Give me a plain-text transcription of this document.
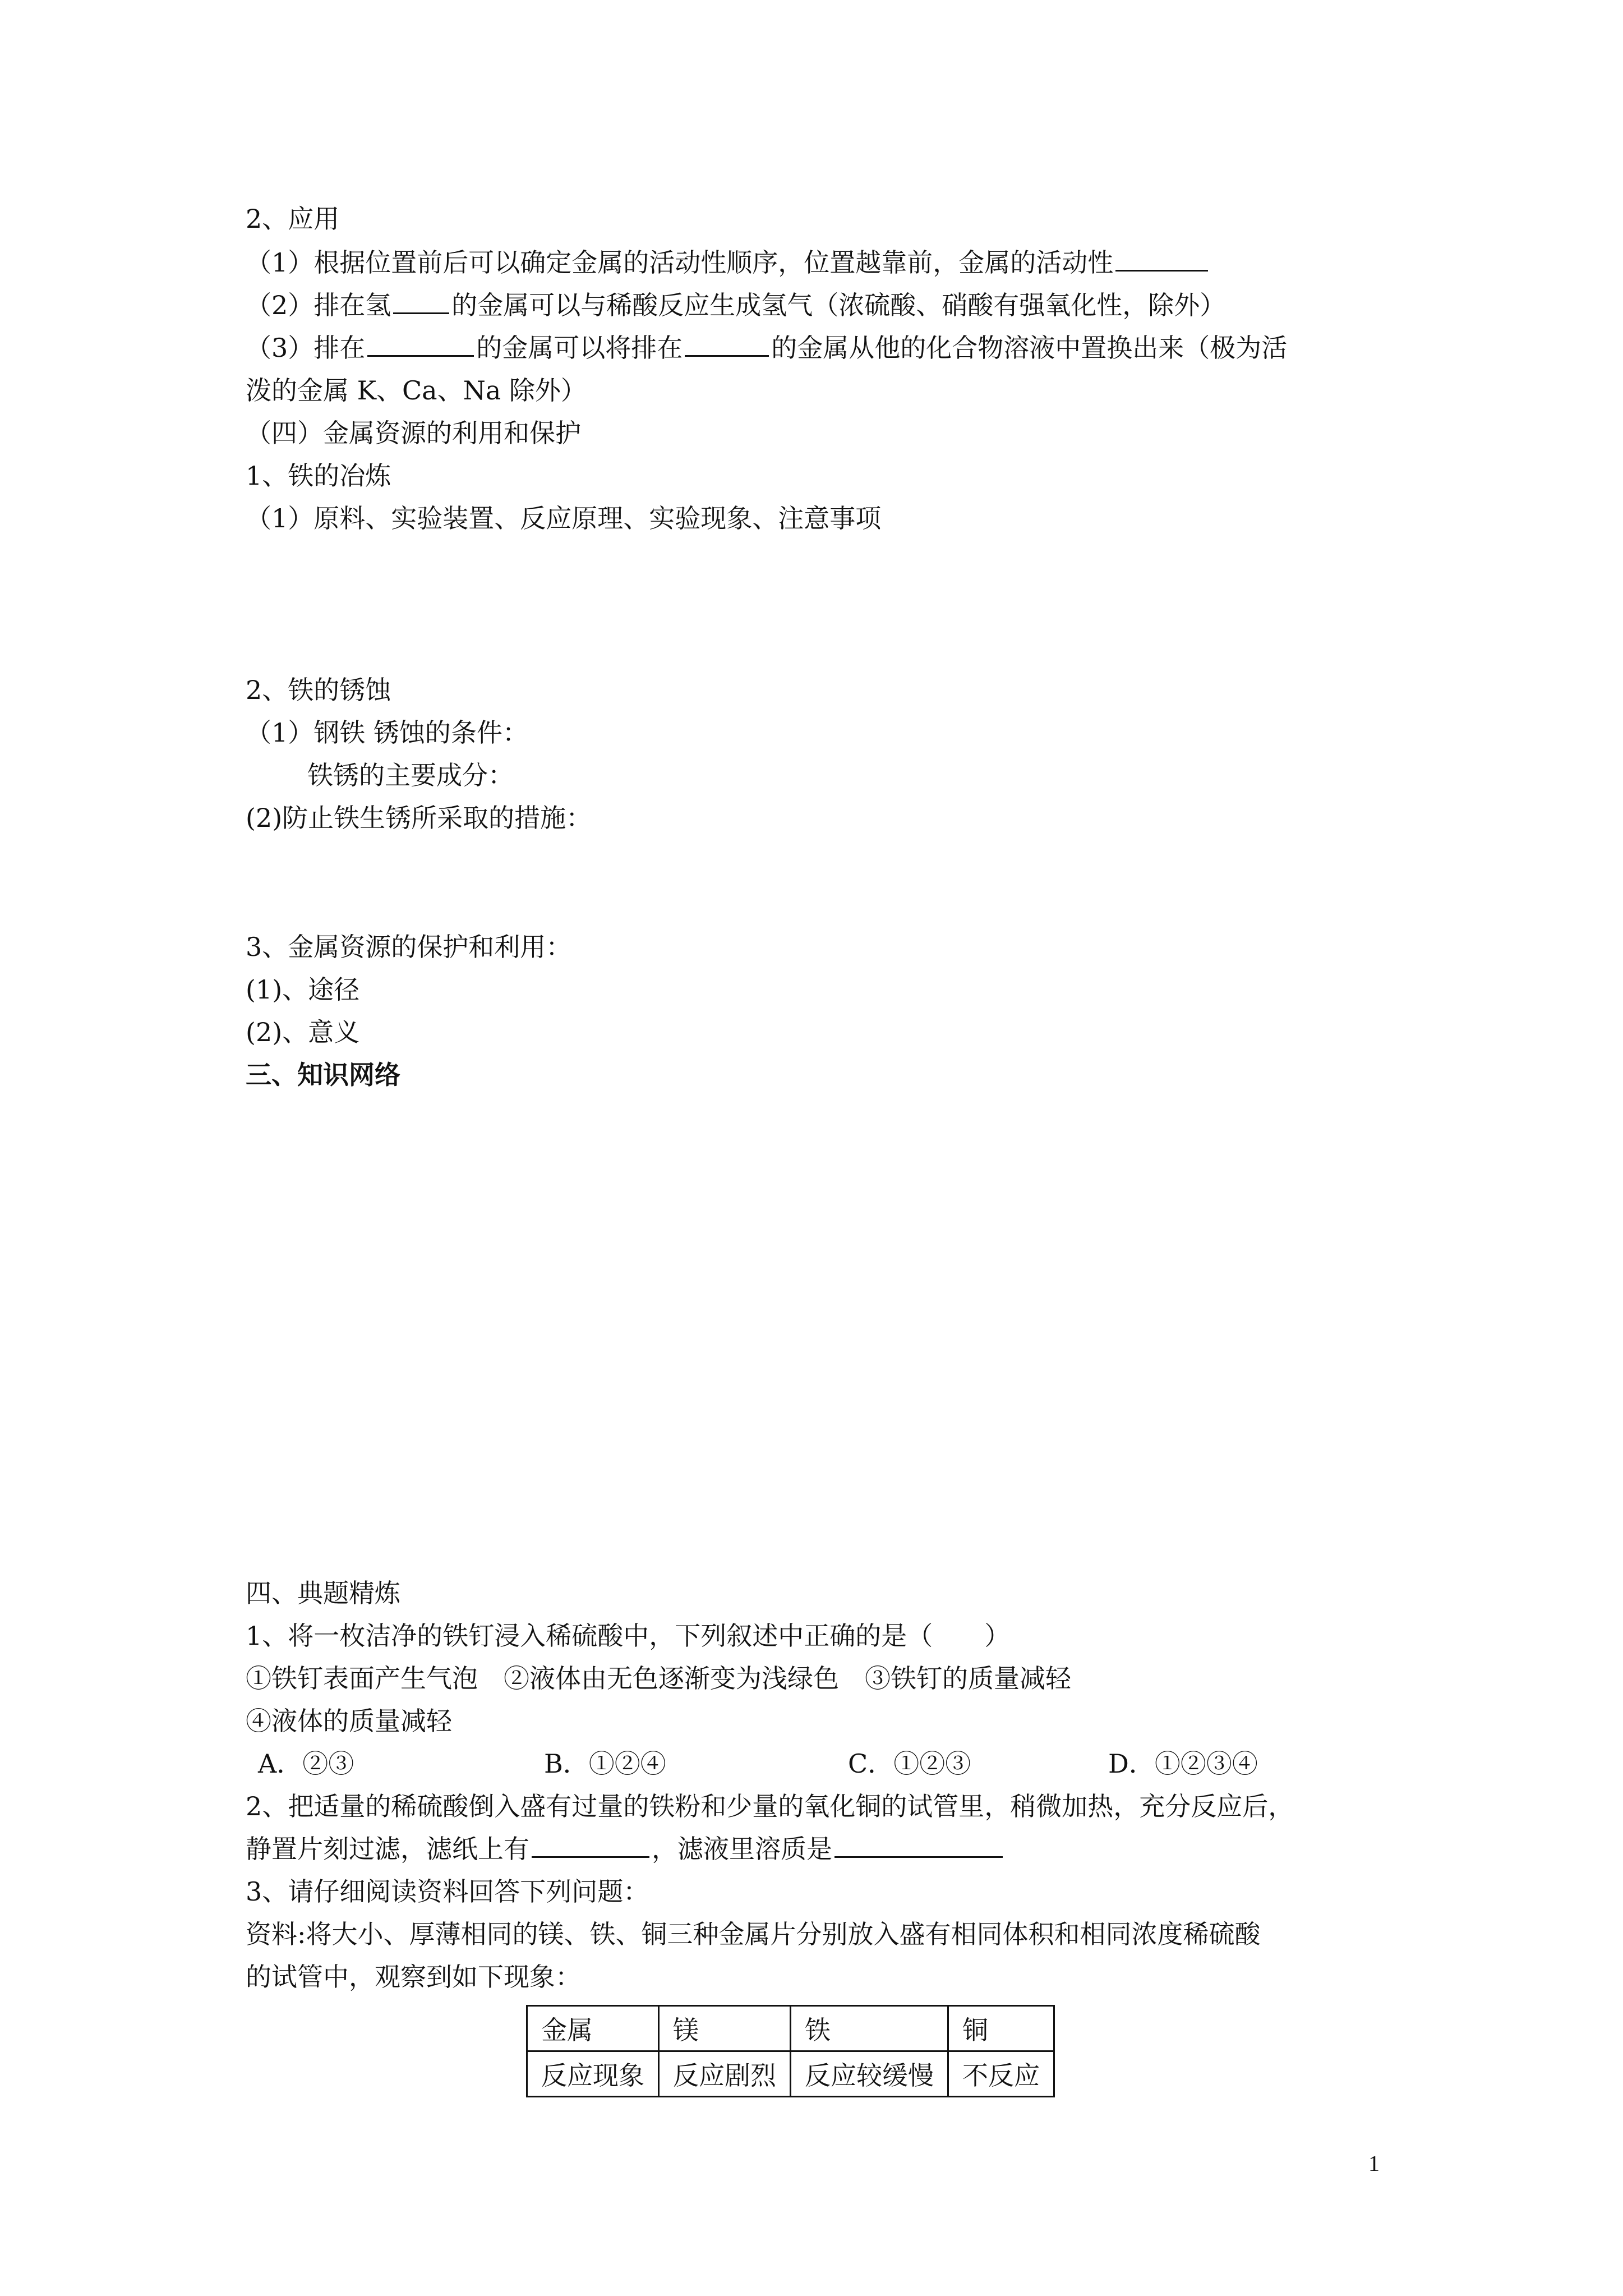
2、应用
（1）根据位置前后可以确定金属的活动性顺序，位置越靠前，金属的活动性
（2）排在氢 的金属可以与稀酸反应生成氢气（浓硫酸、硝酸有强氧化性，除外）
（3）排在	的金属可以将排在	的金属从他的化合物溶液中置换出来（极为活
泼的金属 K、Ca、Na 除外）
（四）金属资源的利用和保护
1、铁的冶炼
（1）原料、实验装置、反应原理、实验现象、注意事项
2、铁的锈蚀
（1）钢铁 锈蚀的条件：
铁锈的主要成分：
(2)防止铁生锈所采取的措施：
3、金属资源的保护和利用：
(1)、途径
(2)、意义
三、知识网络
四、典题精炼
1、将一枚洁净的铁钉浸入稀硫酸中，下列叙述中正确的是（　　）
①铁钉表面产生气泡　②液体由无色逐渐变为浅绿色　③铁钉的质量减轻
④液体的质量减轻
A．②③	B．①②④	C．①②③	D．①②③④
2、把适量的稀硫酸倒入盛有过量的铁粉和少量的氧化铜的试管里，稍微加热，充分反应后，
静置片刻过滤，滤纸上有	，滤液里溶质是
3、请仔细阅读资料回答下列问题：
资料:将大小、厚薄相同的镁、铁、铜三种金属片分别放入盛有相同体积和相同浓度稀硫酸
的试管中，观察到如下现象：
金属	镁	铁	铜
反应现象	反应剧烈	反应较缓慢	不反应
1
